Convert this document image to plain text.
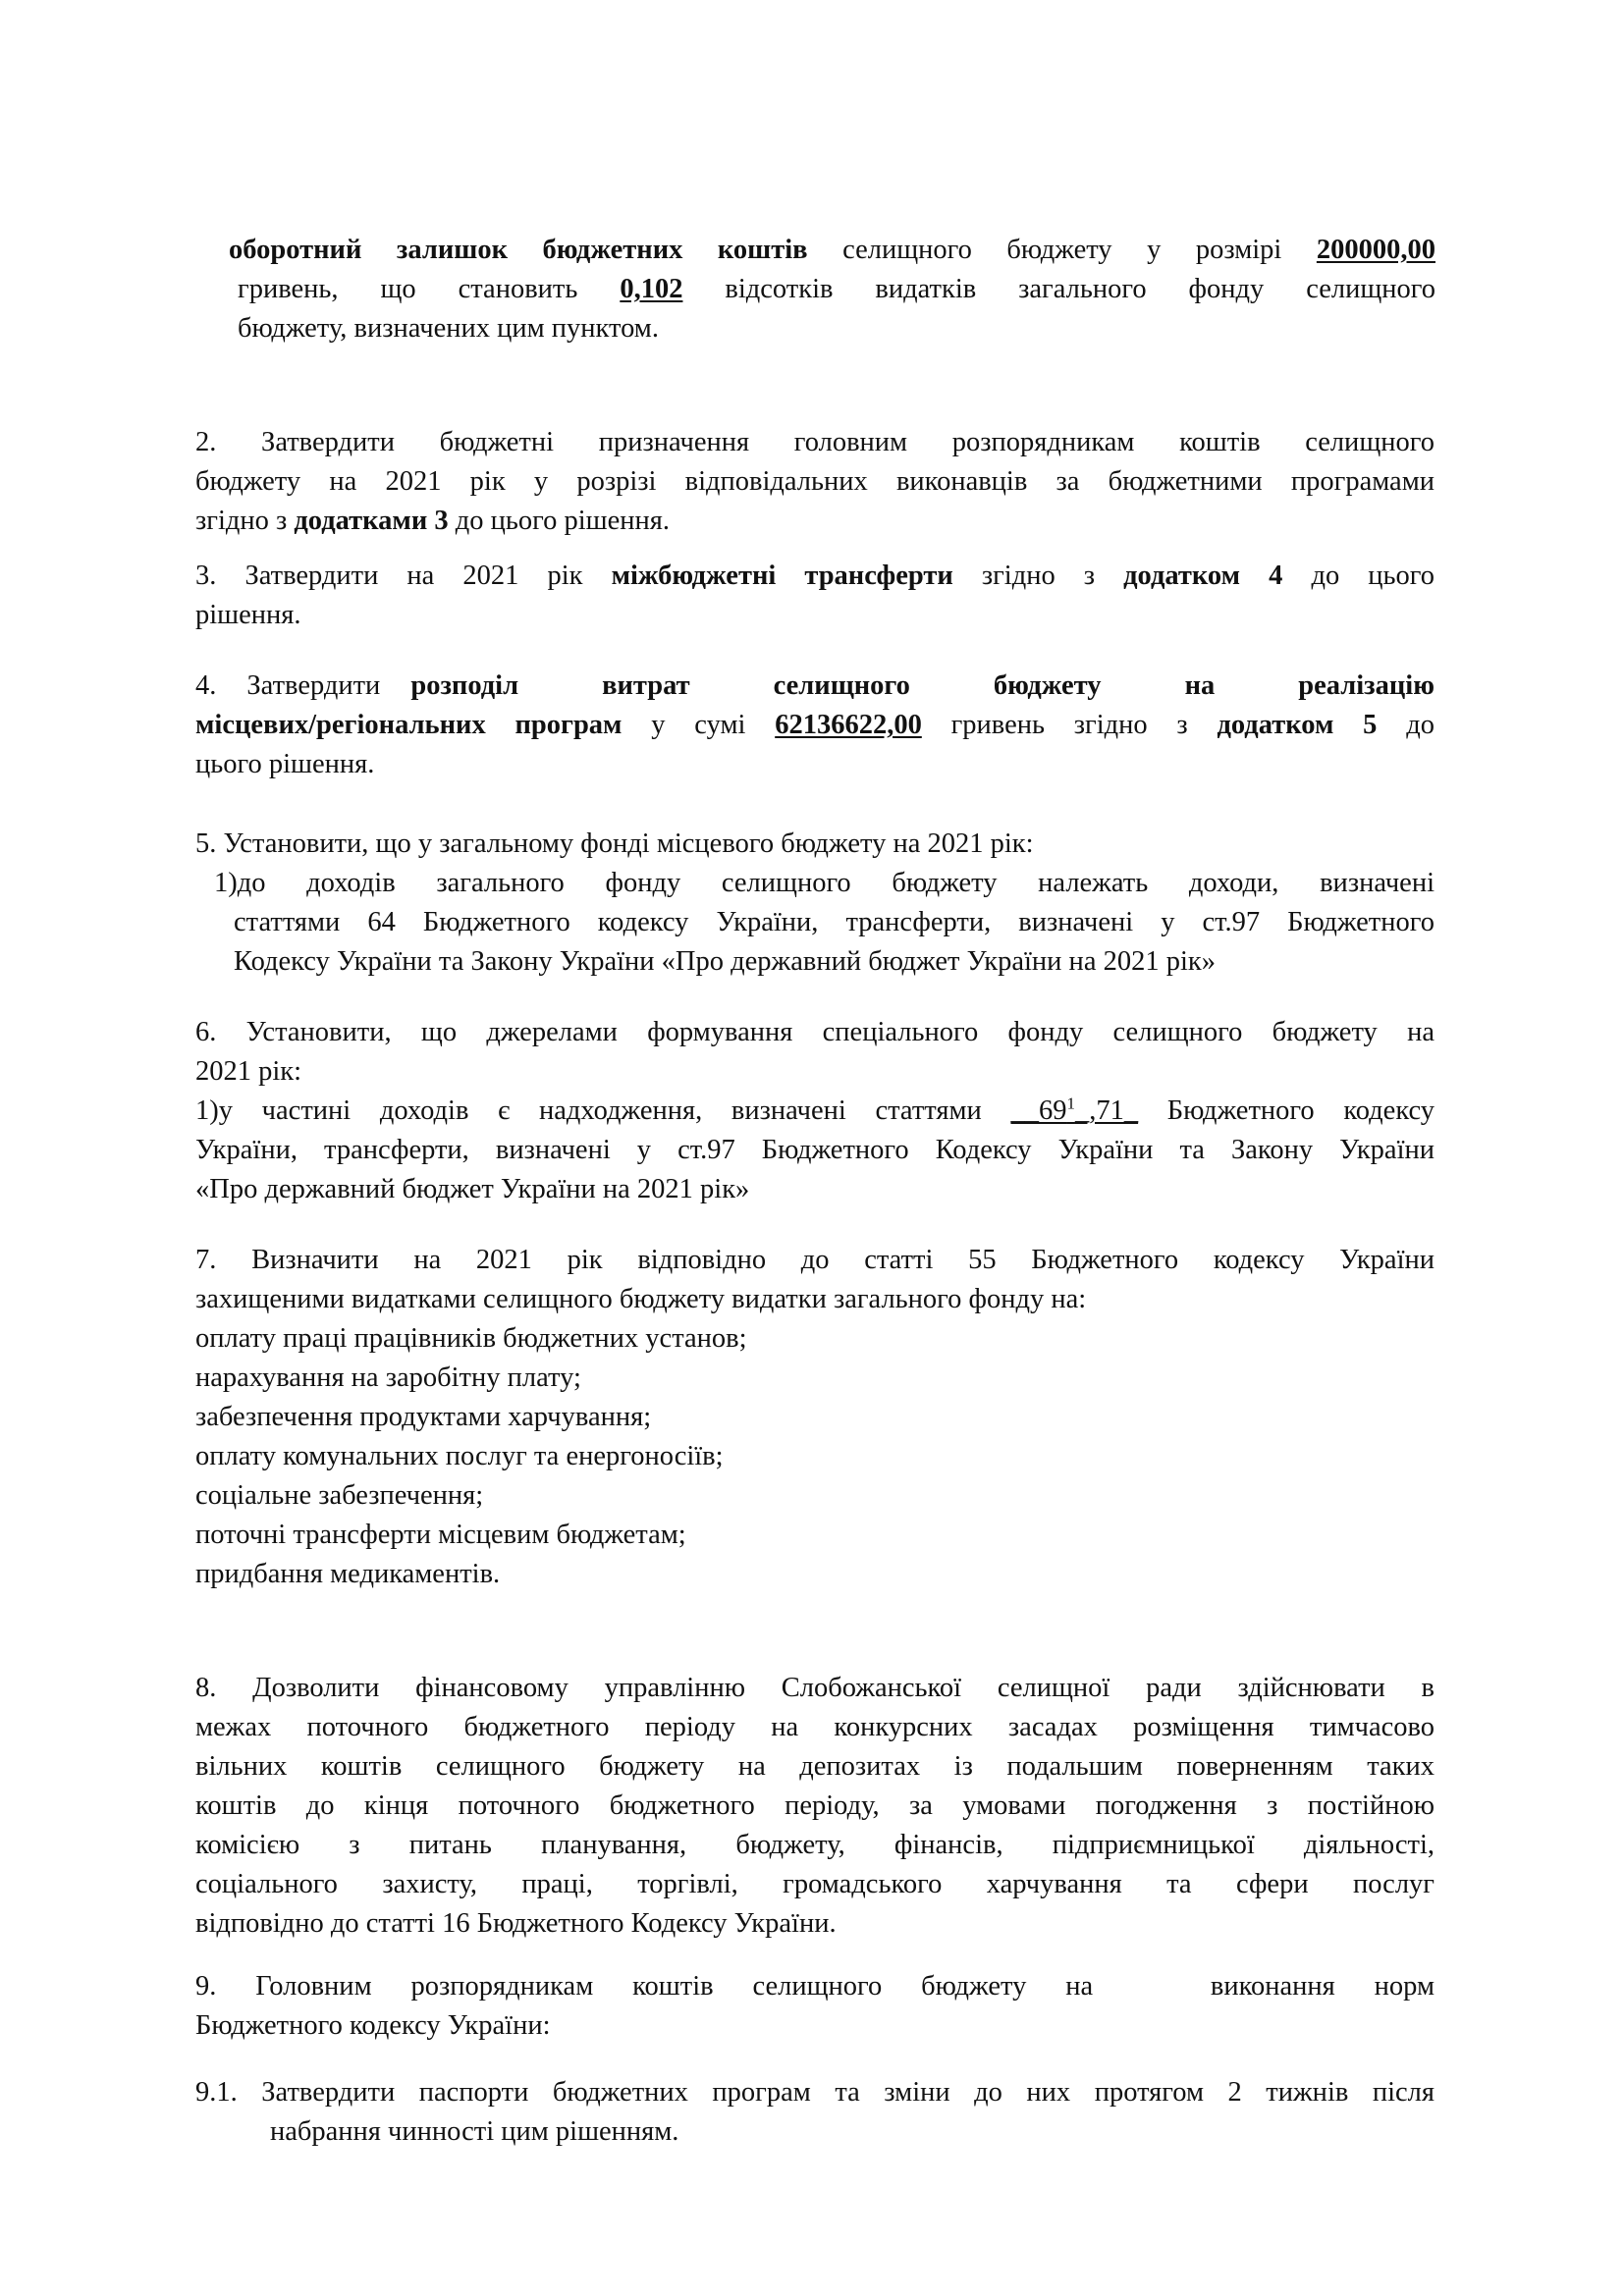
оборотний залишок бюджетних коштів селищного бюджету у розмірі 200000,00
гривень, що становить 0,102 відсотків видатків загального фонду селищного
бюджету, визначених цим пунктом.
2. Затвердити бюджетні призначення головним розпорядникам коштів селищного
бюджету на 2021 рік у розрізі відповідальних виконавців за бюджетними програмами
згідно з додатками 3 до цього рішення.
3. Затвердити на 2021 рік міжбюджетні трансферти згідно з додатком 4 до цього
рішення.
4. Затвердити розподіл витрат селищного бюджету на реалізацію
місцевих/регіональних програм у сумі 62136622,00 гривень згідно з додатком 5 до
цього рішення.
5. Установити, що у загальному фонді місцевого бюджету на 2021 рік:
1)до доходів загального фонду селищного бюджету належать доходи, визначені
статтями 64 Бюджетного кодексу України, трансферти, визначені у ст.97 Бюджетного
Кодексу України та Закону України «Про державний бюджет України на 2021 рік»
6. Установити, що джерелами формування спеціального фонду селищного бюджету на
2021 рік:
1)у частині доходів є надходження, визначені статтями $\_\_69^1\_,71\_$ Бюджетного кодексу
України, трансферти, визначені у ст.97 Бюджетного Кодексу України та Закону України
«Про державний бюджет України на 2021 рік»
7. Визначити на 2021 рік відповідно до статті 55 Бюджетного кодексу України
захищеними видатками селищного бюджету видатки загального фонду на:
оплату праці працівників бюджетних установ;
нарахування на заробітну плату;
забезпечення продуктами харчування;
оплату комунальних послуг та енергоносіїв;
соціальне забезпечення;
поточні трансферти місцевим бюджетам;
придбання медикаментів.
8. Дозволити фінансовому управлінню Слобожанської селищної ради здійснювати в
межах поточного бюджетного періоду на конкурсних засадах розміщення тимчасово
вільних коштів селищного бюджету на депозитах із подальшим поверненням таких
коштів до кінця поточного бюджетного періоду, за умовами погодження з постійною
комісією з питань планування, бюджету, фінансів, підприємницької діяльності,
соціального захисту, праці, торгівлі, громадського харчування та сфери послуг
відповідно до статті 16 Бюджетного Кодексу України.
9. Головним розпорядникам коштів селищного бюджету на   виконання норм
Бюджетного кодексу України:
9.1. Затвердити паспорти бюджетних програм та зміни до них протягом 2 тижнів після
набрання чинності цим рішенням.
